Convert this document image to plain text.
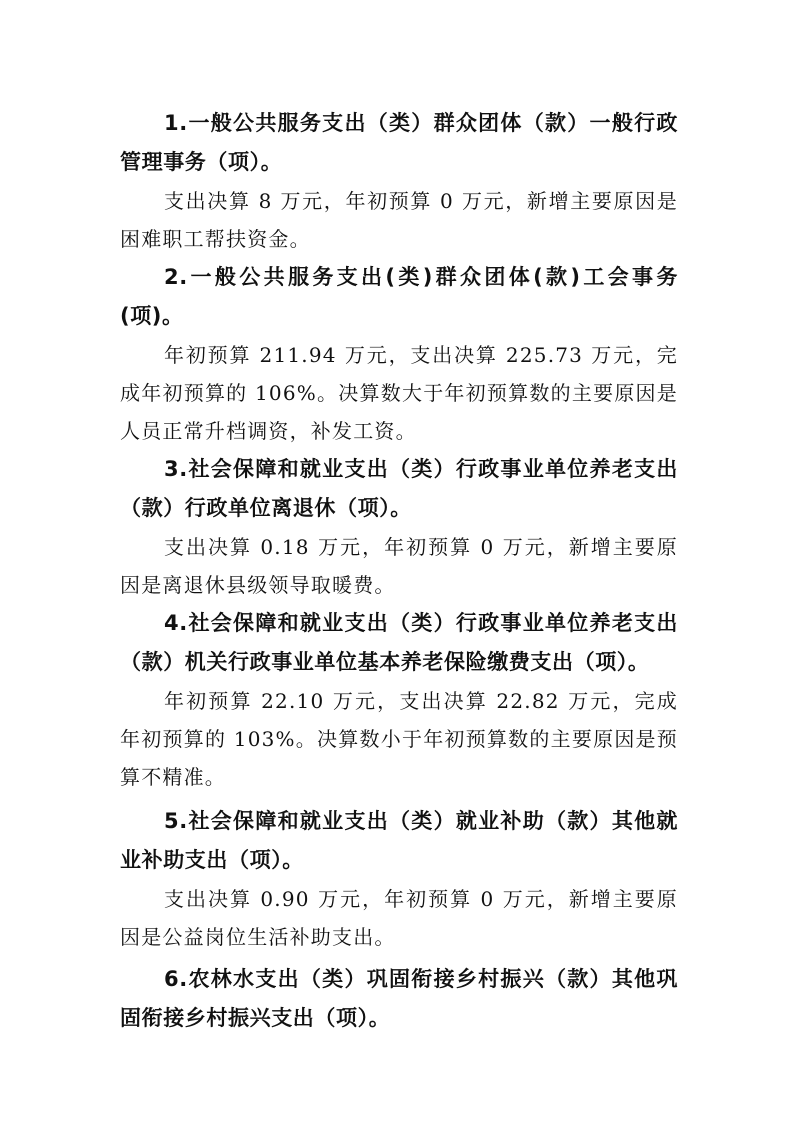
1.一般公共服务支出（类）群众团体（款）一般行政管理事务（项）。

支出决算 8 万元，年初预算 0 万元，新增主要原因是困难职工帮扶资金。

2.一般公共服务支出(类)群众团体(款)工会事务(项)。

年初预算 211.94 万元，支出决算 225.73 万元，完成年初预算的 106%。决算数大于年初预算数的主要原因是人员正常升档调资，补发工资。

3.社会保障和就业支出（类）行政事业单位养老支出（款）行政单位离退休（项）。

支出决算 0.18 万元，年初预算 0 万元，新增主要原因是离退休县级领导取暖费。

4.社会保障和就业支出（类）行政事业单位养老支出（款）机关行政事业单位基本养老保险缴费支出（项）。

年初预算 22.10 万元，支出决算 22.82 万元，完成年初预算的 103%。决算数小于年初预算数的主要原因是预算不精准。

5.社会保障和就业支出（类）就业补助（款）其他就业补助支出（项）。

支出决算 0.90 万元，年初预算 0 万元，新增主要原因是公益岗位生活补助支出。

6.农林水支出（类）巩固衔接乡村振兴（款）其他巩固衔接乡村振兴支出（项）。
